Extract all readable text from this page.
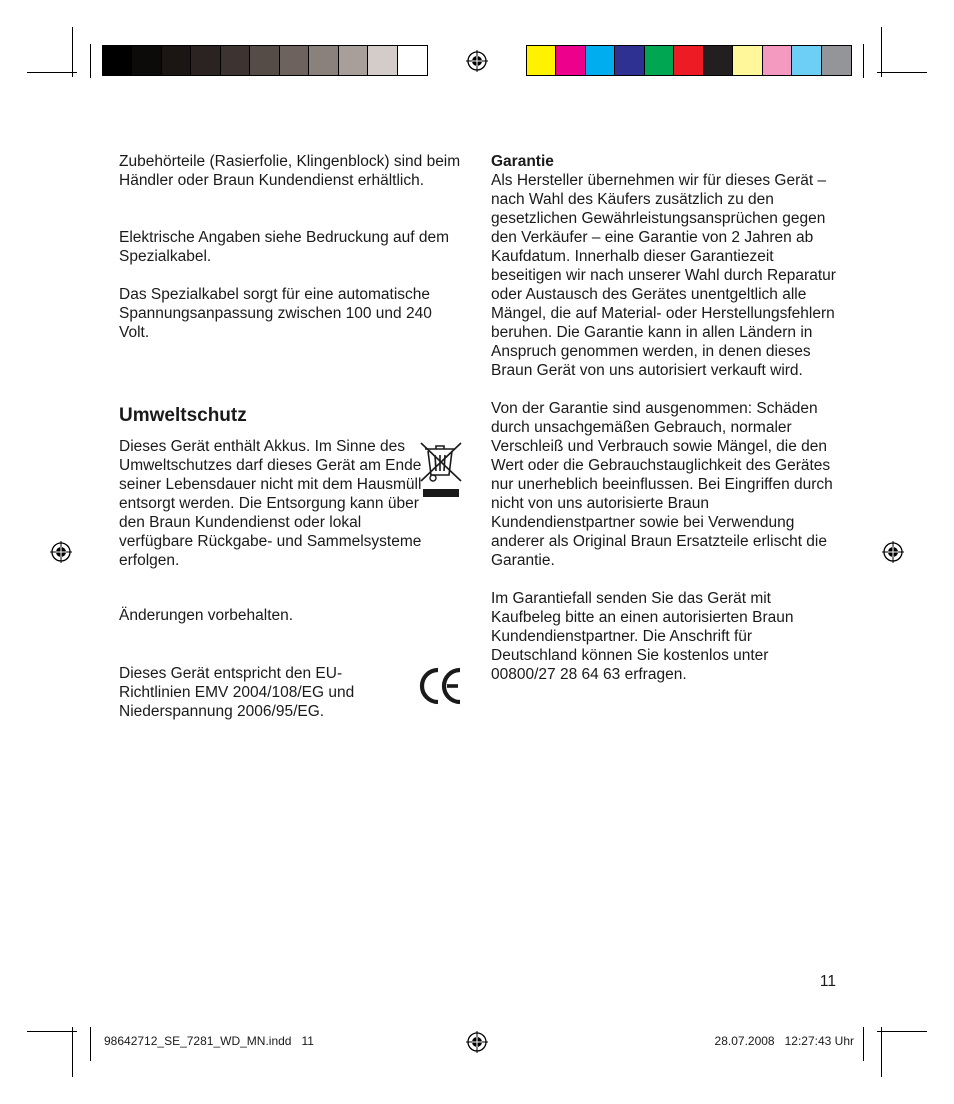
Zubehörteile (Rasierfolie, Klingenblock) sind beim Händler oder Braun Kundendienst erhältlich.

Elektrische Angaben siehe Bedruckung auf dem Spezialkabel.

Das Spezialkabel sorgt für eine automatische Spannungsanpassung zwischen 100 und 240 Volt.

Umweltschutz
Dieses Gerät enthält Akkus. Im Sinne des Umweltschutzes darf dieses Gerät am Ende seiner Lebensdauer nicht mit dem Hausmüll entsorgt werden. Die Entsorgung kann über den Braun Kundendienst oder lokal verfügbare Rückgabe- und Sammelsysteme erfolgen.
Änderungen vorbehalten.
Dieses Gerät entspricht den EU-Richtlinien EMV 2004/108/EG und Niederspannung 2006/95/EG.

Garantie

Als Hersteller übernehmen wir für dieses Gerät – nach Wahl des Käufers zusätzlich zu den gesetzlichen Gewährleistungsansprüchen gegen den Verkäufer – eine Garantie von 2 Jahren ab Kaufdatum. Innerhalb dieser Garantiezeit beseitigen wir nach unserer Wahl durch Reparatur oder Austausch des Gerätes unentgeltlich alle Mängel, die auf Material- oder Herstellungsfehlern beruhen. Die Garantie kann in allen Ländern in Anspruch genommen werden, in denen dieses Braun Gerät von uns autorisiert verkauft wird.

Von der Garantie sind ausgenommen: Schäden durch unsachgemäßen Gebrauch, normaler Verschleiß und Verbrauch sowie Mängel, die den Wert oder die Gebrauchstauglichkeit des Gerätes nur unerheblich beeinflussen. Bei Eingriffen durch nicht von uns autorisierte Braun Kundendienstpartner sowie bei Verwendung anderer als Original Braun Ersatzteile erlischt die Garantie.

Im Garantiefall senden Sie das Gerät mit Kaufbeleg bitte an einen autorisierten Braun Kundendienstpartner. Die Anschrift für Deutschland können Sie kostenlos unter 00800/27 28 64 63 erfragen.

11
98642712_SE_7281_WD_MN.indd   11	28.07.2008   12:27:43 Uhr
